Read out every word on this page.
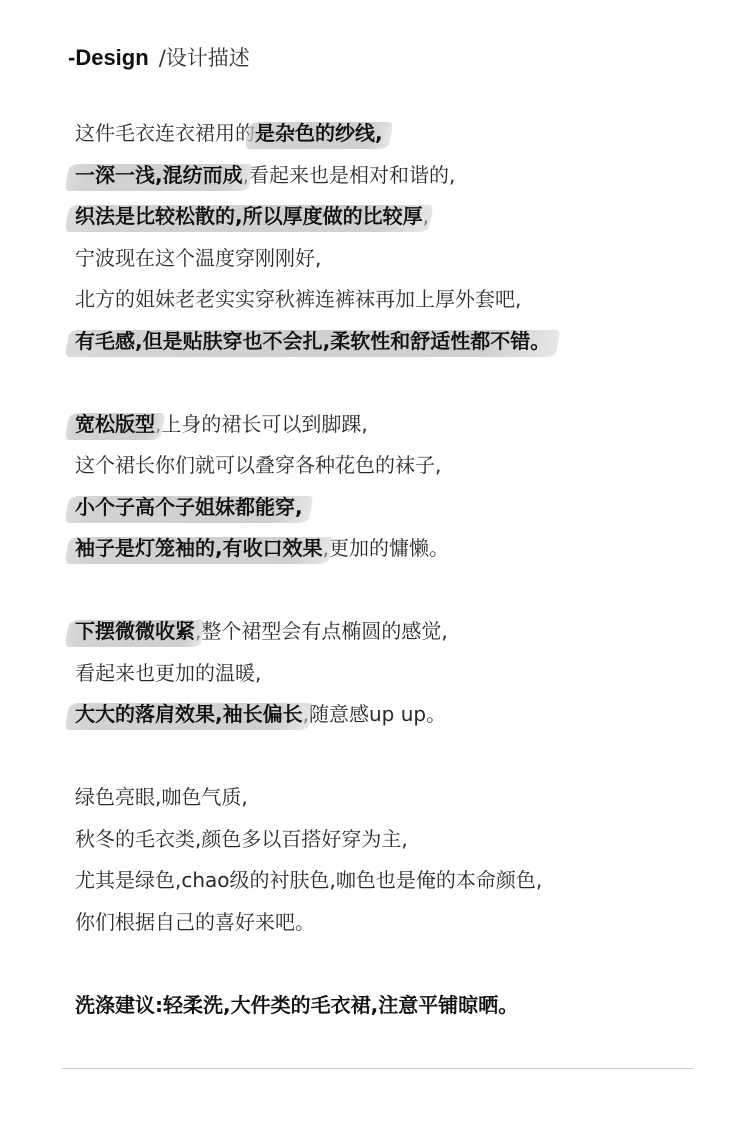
-Design / 设计描述
这件毛衣连衣裙用的是杂色的纱线,
一深一浅,混纺而成,看起来也是相对和谐的,
织法是比较松散的,所以厚度做的比较厚,
宁波现在这个温度穿刚刚好,
北方的姐妹老老实实穿秋裤连裤袜再加上厚外套吧,
有毛感,但是贴肤穿也不会扎,柔软性和舒适性都不错。
宽松版型,上身的裙长可以到脚踝,
这个裙长你们就可以叠穿各种花色的袜子,
小个子高个子姐妹都能穿,
袖子是灯笼袖的,有收口效果,更加的慵懒。
下摆微微收紧,整个裙型会有点椭圆的感觉,
看起来也更加的温暖,
大大的落肩效果,袖长偏长,随意感up up。
绿色亮眼,咖色气质,
秋冬的毛衣类,颜色多以百搭好穿为主,
尤其是绿色,chao级的衬肤色,咖色也是俺的本命颜色,
你们根据自己的喜好来吧。
洗涤建议:轻柔洗,大件类的毛衣裙,注意平铺晾晒。
